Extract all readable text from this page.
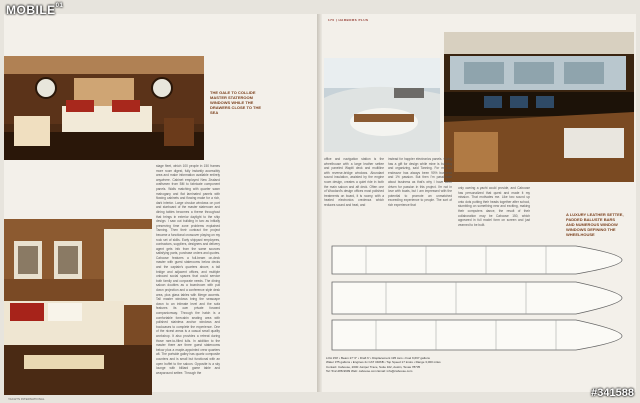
THE GALE TO COLLIDE MASTER STATEROOM WINDOWS WHILE THE DRAWERS CLOSE TO THE SEA
stage fleet, which 100 people in 150 frames more room digest, fully instantly accessibly area and make information available entirely anywhere. Cabinet employed New Zealand craftsmen from BM to fabricate component panels. Walls matching with quarter sawn mahogany and flat laminated panels with flowing cabinets and flowing make for a rich, dark interior. Large circular windows on port and starboard of the master stateroom and dining tables becomes a theme throughout that brings in exterior daylight to the ship design. I saw out building in two as initially preserving time zone problems explained Tanning. Then their contract the project became a functional crossover playing on my rock set of skills. Early shipyard employees, contractors, suppliers, designers and delivery agent gets info from the same sources satisfying parts, purchase orders and quotes. Caboose features a full-beam on-deck master with guest staterooms below decks and the captain's quarters above, a tall bridge and adjacent offices, and multiple onboard social spaces that could service both family and corporate needs. The dining saloon doubles as a boardroom with pull down projection and a conference style desk area, plus glass tables with Merge accents. Tall master windows bring the seascape down to an intimate level and the sofa features its own private forward companionway. Through the hatch is a comfortable forecabin seating area with polished stainless anchor windows and bookcases to complete the experience. One of the nicest areas is a casual small quality workshop. It also provides a retreat during those rare-to-filled lulls. In addition to the master there are three guest staterooms below plus a maple-appointed crew quarters aft. The portside galley has quartz composite counters and is small but functional with an open buffet to the saloon. Opposite is a sky lounge with billiard game table and wraparound settee. Through the
YACHTS INTERNATIONAL
170 | HARBORS PLUS
office and navigation station is the wheelhouse with a large leather settee and paneled Wapiti deck and multiline with reverse-bridge windows. Abundant sound insulation, assisted by the engine room design, creates a quiet ride in both the main saloon and aft deck. Often one of Woodard's design offices most polished treatments on board, it is roomy, with a heated electronics credenza which reduces sound and heat, and
instead for happier electronics panels. Going has a gift for design while mine is building and organizing, said Tanning. For me the endeavor has always been 90% business and 1% passion. But then I'm passionate about business as that's why I have been driven for passion in this project. I'm not in love with boats, but I am impressed with the potential to promote an unmatched exceeding experience to people. The sort of rich experience that
only owning a yacht could provide, and Caboose has personalized that quest and made it my mission. That motivates me. Like two sound up onto dots putting their heads together after school, stumbling on something new and exciting, making their computers dance, the result of their collaboration may be Caboose 150, which appeared in full model form on screen and just yearned to be built.
A LUXURY LEATHER SETTEE, PADDED BALUSTE BARS AND NUMEROUS WINDOW WINDOWS DEFINING THE WHEELHOUSE
LOA 150' • Beam 27' 6" • Draft 6' • Displacement 195 tons • Fuel 9,667 gallons
Water 375 gallons • Engines 2x CAT 3406B • Top Speed 17 knots • Range 3,000 miles
Contact: Caboose, 2000 Juniper Trace, Suite 102, Austin, Texas 78735
Tel: 512-288-9999 Web: caboose.com Email: info@caboose.com
MOBILE$^{01}$
#341588
